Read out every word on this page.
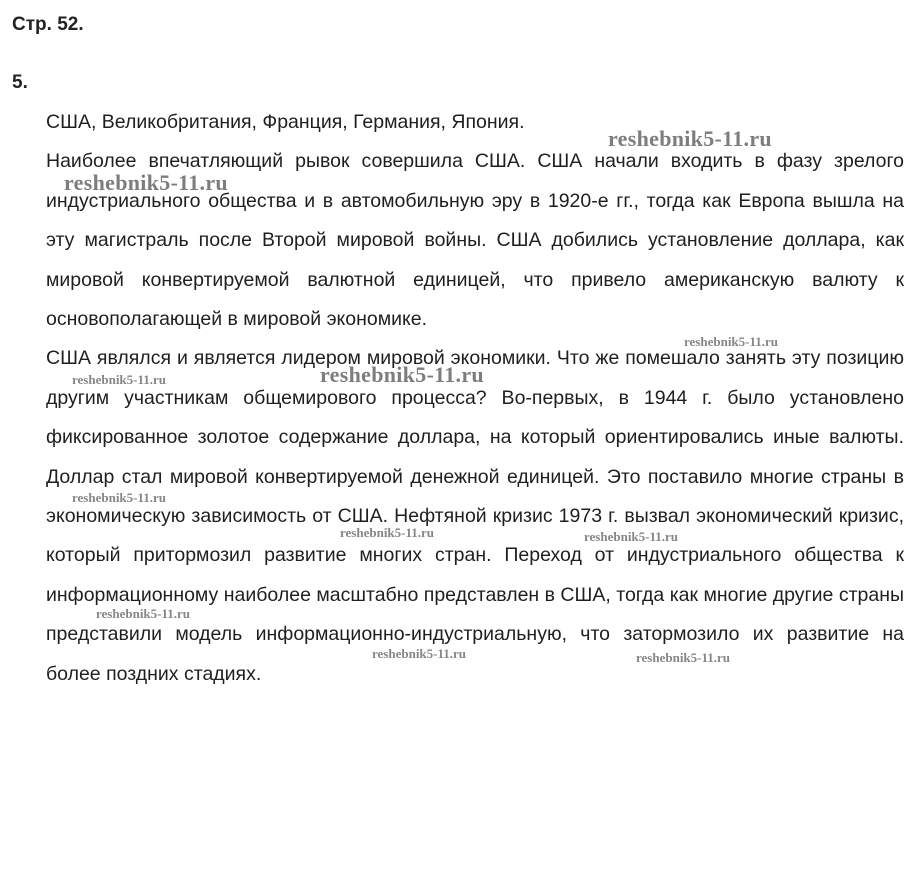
Стр. 52.
5.

США, Великобритания, Франция, Германия, Япония.

Наиболее впечатляющий рывок совершила США. США начали входить в фазу зрелого индустриального общества и в автомобильную эру в 1920-е гг., тогда как Европа вышла на эту магистраль после Второй мировой войны. США добились установление доллара, как мировой конвертируемой валютной единицей, что привело американскую валюту к основополагающей в мировой экономике.

США являлся и является лидером мировой экономики. Что же помешало занять эту позицию другим участникам общемирового процесса? Во-первых, в 1944 г. было установлено фиксированное золотое содержание доллара, на который ориентировались иные валюты. Доллар стал мировой конвертируемой денежной единицей. Это поставило многие страны в экономическую зависимость от США. Нефтяной кризис 1973 г. вызвал экономический кризис, который притормозил развитие многих стран. Переход от индустриального общества к информационному наиболее масштабно представлен в США, тогда как многие другие страны представили модель информационно-индустриальную, что затормозило их развитие на более поздних стадиях.

reshebnik5-11.ru
reshebnik5-11.ru
reshebnik5-11.ru
reshebnik5-11.ru
reshebnik5-11.ru
reshebnik5-11.ru
reshebnik5-11.ru	reshebnik5-11.ru
reshebnik5-11.ru
reshebnik5-11.ru	reshebnik5-11.ru
